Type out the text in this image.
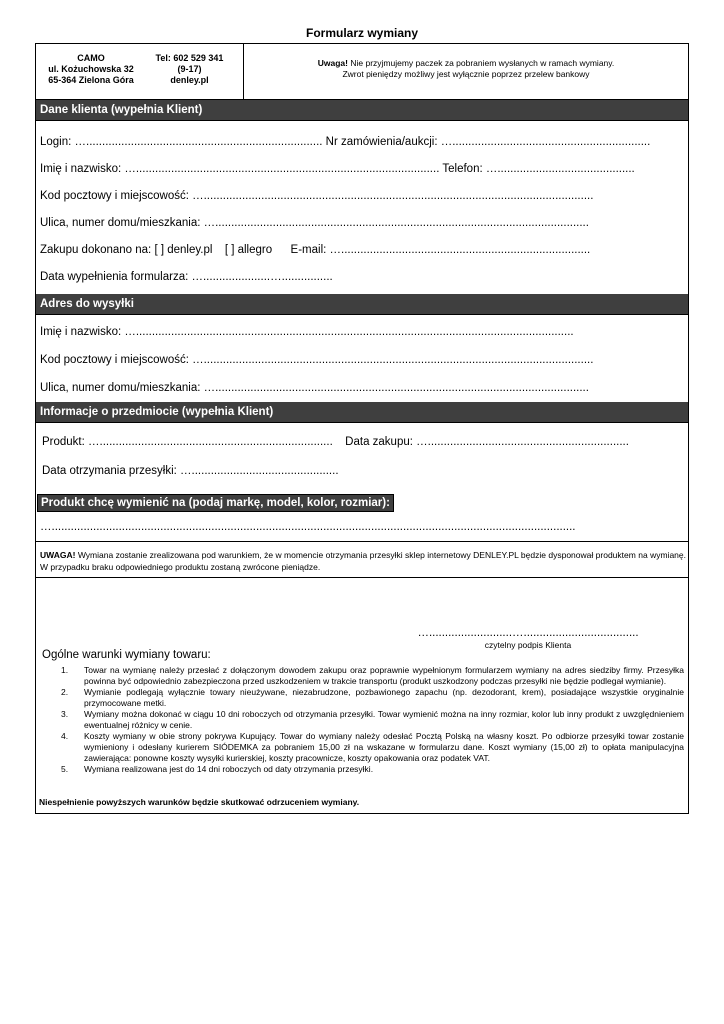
Formularz wymiany
CAMO
ul. Kożuchowska 32
65-364 Zielona Góra
Tel: 602 529 341
(9-17)
denley.pl
Uwaga! Nie przyjmujemy paczek za pobraniem wysłanych w ramach wymiany.
Zwrot pieniędzy możliwy jest wyłącznie poprzez przelew bankowy
Dane klienta (wypełnia Klient)
Login: ….......................................................................... Nr zamówienia/aukcji: …..............................................................
Imię i nazwisko: …............................................................................................... Telefon: …...........................................
Kod pocztowy i miejscowość: …..........................................................................................................................
Ulica, numer domu/mieszkania: ….....................................................................................................................
Zakupu dokonano na: [ ] denley.pl [ ] allegro E-mail: …..............................................................................
Data wypełnienia formularza: ….....................…................
Adres do wysyłki
Imię i nazwisko: ….........................................................................................................................................
Kod pocztowy i miejscowość: …..........................................................................................................................
Ulica, numer domu/mieszkania: ….....................................................................................................................
Informacje o przedmiocie (wypełnia Klient)
Produkt: …......................................................................... Data zakupu: …...............................................................
Data otrzymania przesyłki: …..............................................
Produkt chcę wymienić na (podaj markę, model, kolor, rozmiar):
…....................................................................................................................................................................
UWAGA! Wymiana zostanie zrealizowana pod warunkiem, że w momencie otrzymania przesyłki sklep internetowy DENLEY.PL będzie dysponował produktem na wymianę. W przypadku braku odpowiedniego produktu zostaną zwrócone pieniądze.
…..........................…....................................
czytelny podpis Klienta
Ogólne warunki wymiany towaru:
1. Towar na wymianę należy przesłać z dołączonym dowodem zakupu oraz poprawnie wypełnionym formularzem wymiany na adres siedziby firmy. Przesyłka powinna być odpowiednio zabezpieczona przed uszkodzeniem w trakcie transportu (produkt uszkodzony podczas przesyłki nie będzie podlegał wymianie).
2. Wymianie podlegają wyłącznie towary nieużywane, niezabrudzone, pozbawionego zapachu (np. dezodorant, krem), posiadające wszystkie oryginalnie przymocowane metki.
3. Wymiany można dokonać w ciągu 10 dni roboczych od otrzymania przesyłki. Towar wymienić można na inny rozmiar, kolor lub inny produkt z uwzględnieniem ewentualnej różnicy w cenie.
4. Koszty wymiany w obie strony pokrywa Kupujący. Towar do wymiany należy odesłać Pocztą Polską na własny koszt. Po odbiorze przesyłki towar zostanie wymieniony i odesłany kurierem SIÓDEMKA za pobraniem 15,00 zł na wskazane w formularzu dane. Koszt wymiany (15,00 zł) to opłata manipulacyjna zawierająca: ponowne koszty wysyłki kurierskiej, koszty pracownicze, koszty opakowania oraz podatek VAT.
5. Wymiana realizowana jest do 14 dni roboczych od daty otrzymania przesyłki.
Niespełnienie powyższych warunków będzie skutkować odrzuceniem wymiany.
